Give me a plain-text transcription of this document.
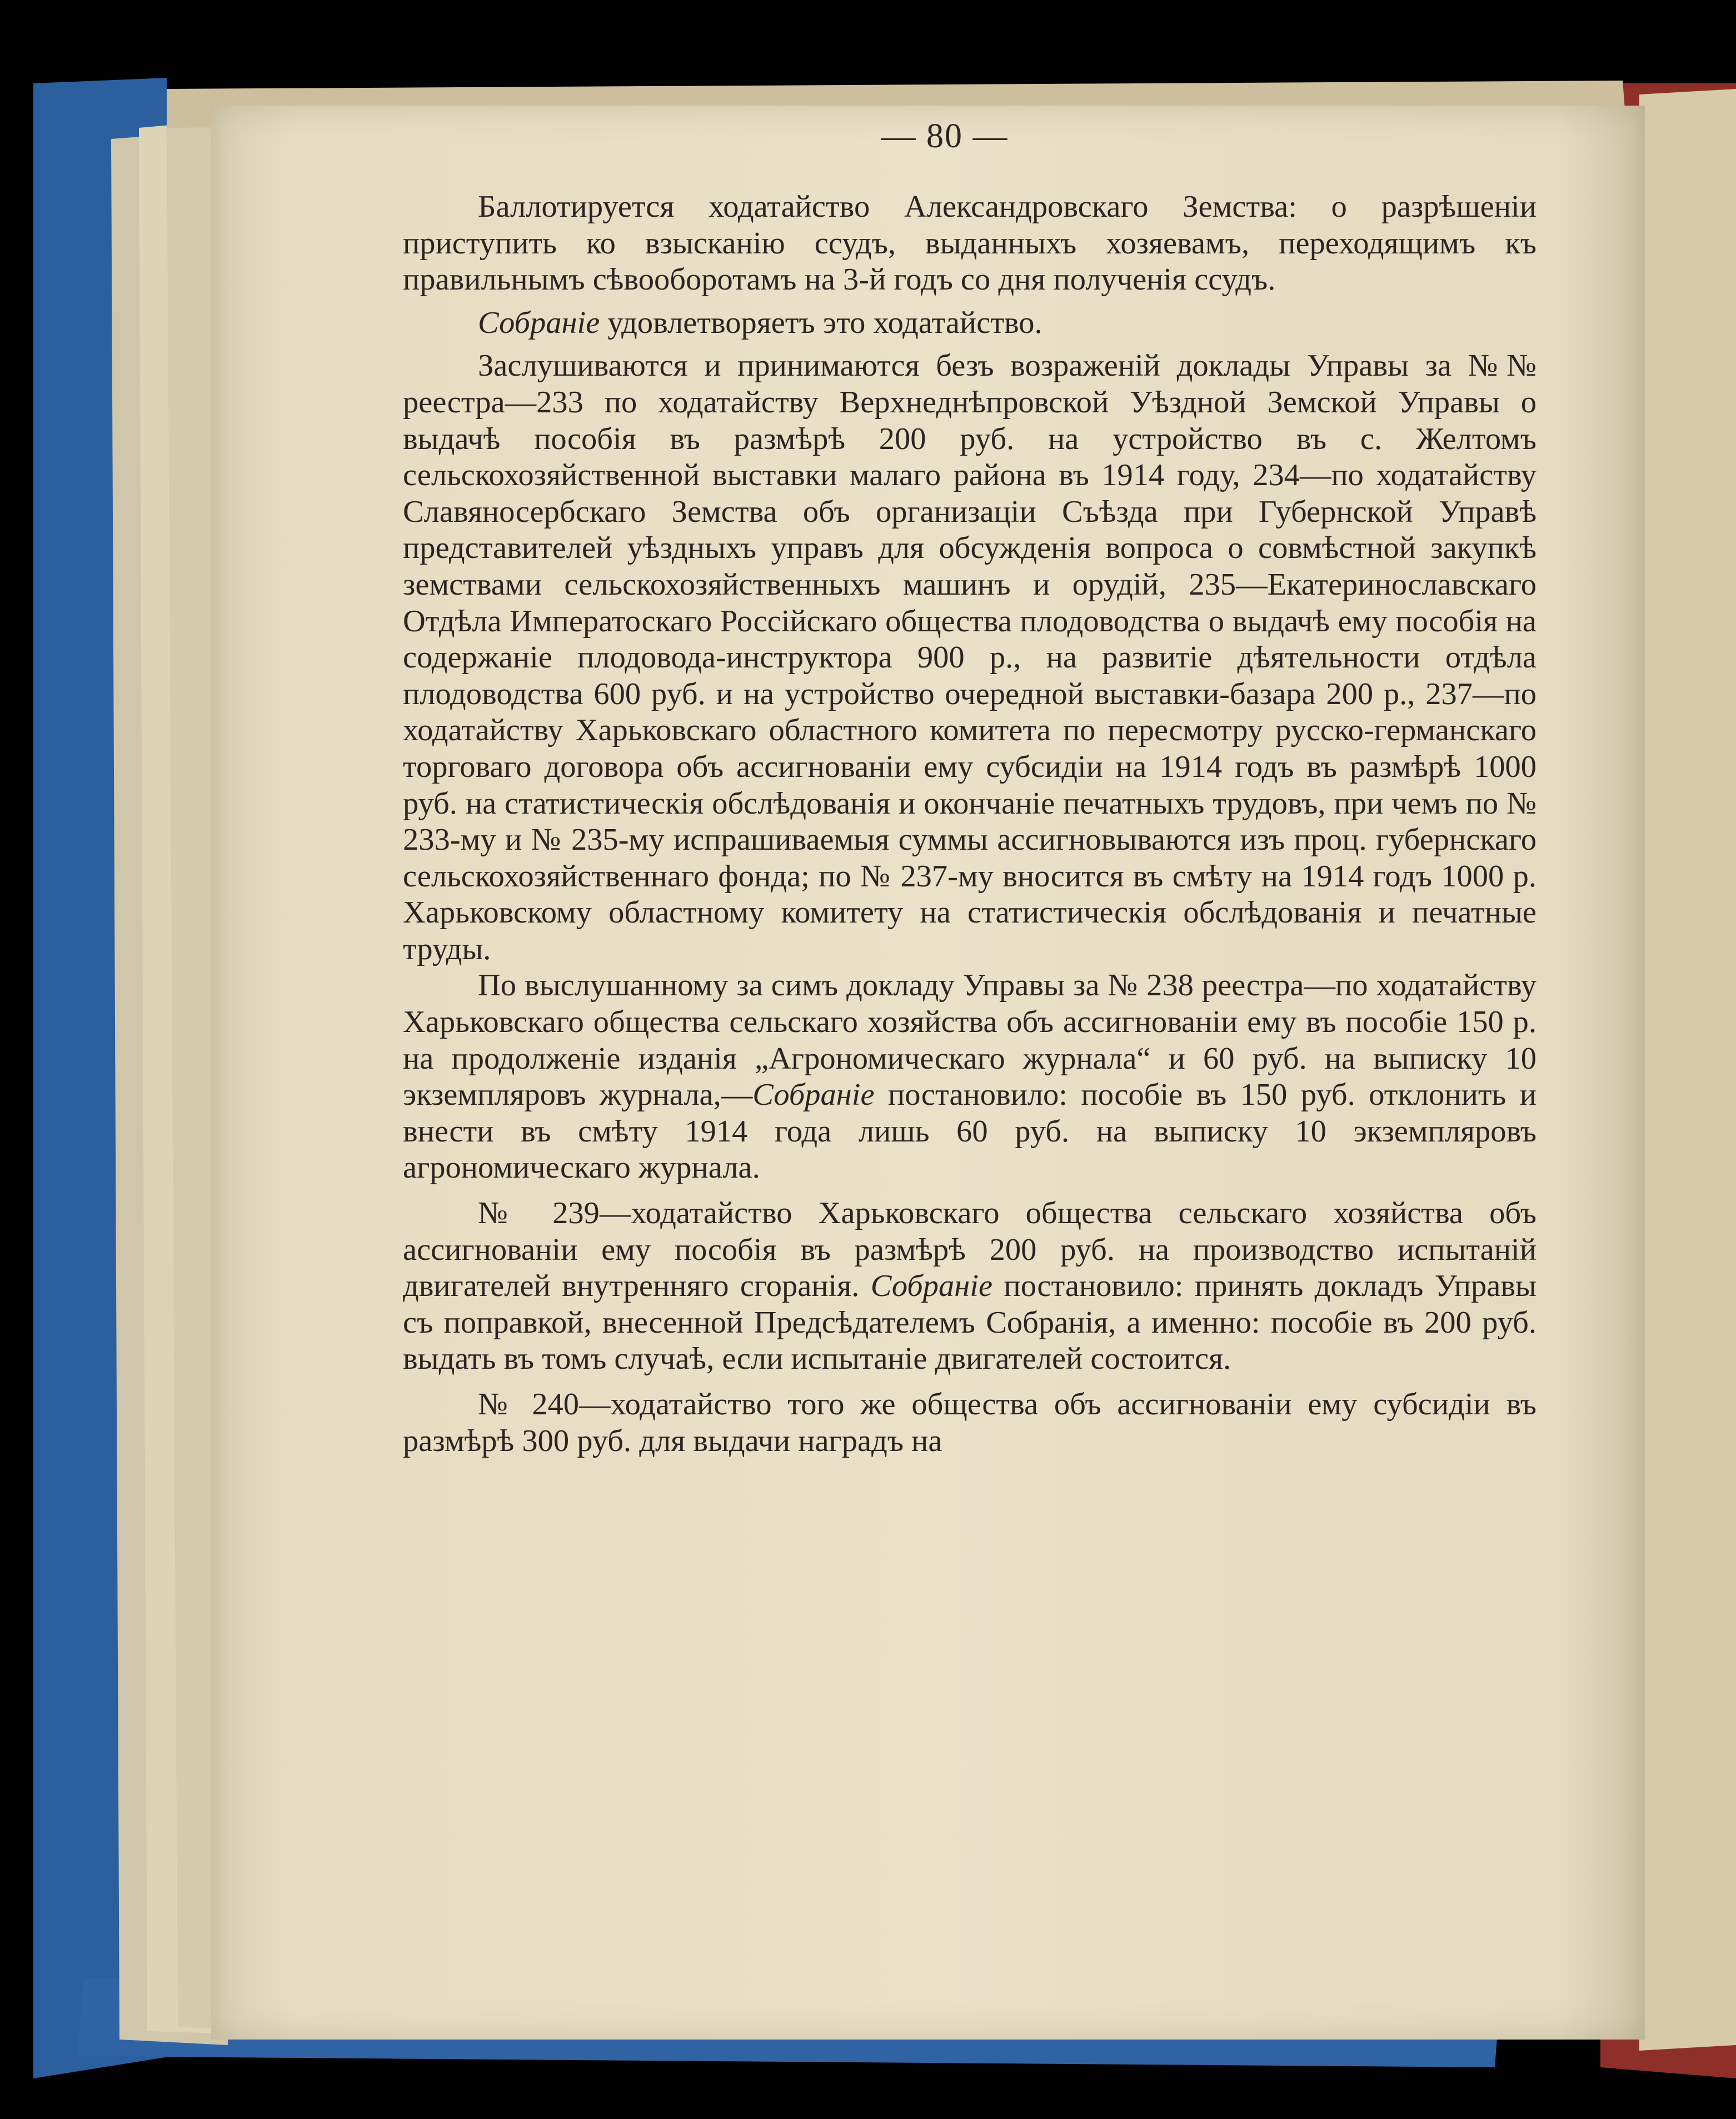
— 80 —

Баллотируется ходатайство Александровскаго Земства: о разрѣшеніи приступить ко взысканію ссудъ, выданныхъ хозяевамъ, переходящимъ къ правильнымъ сѣвооборотамъ на 3-й годъ со дня полученія ссудъ.

Собраніе удовлетворяетъ это ходатайство.

Заслушиваются и принимаются безъ возраженій доклады Управы за №№ реестра—233 по ходатайству Верхнеднѣпровской Уѣздной Земской Управы о выдачѣ пособія въ размѣрѣ 200 руб. на устройство въ с. Желтомъ сельскохозяйственной выставки малаго района въ 1914 году, 234—по ходатайству Славяносербскаго Земства объ организаціи Съѣзда при Губернской Управѣ представителей уѣздныхъ управъ для обсужденія вопроса о совмѣстной закупкѣ земствами сельскохозяйственныхъ машинъ и орудій, 235—Екатеринославскаго Отдѣла Императоскаго Россійскаго общества плодоводства о выдачѣ ему пособія на содержаніе плодовода-инструктора 900 р., на развитіе дѣятельности отдѣла плодоводства 600 руб. и на устройство очередной выставки-базара 200 р., 237—по ходатайству Харьковскаго областного комитета по пересмотру русско-германскаго торговаго договора объ ассигнованіи ему субсидіи на 1914 годъ въ размѣрѣ 1000 руб. на статистическія обслѣдованія и окончаніе печатныхъ трудовъ, при чемъ по № 233-му и № 235-му испрашиваемыя суммы ассигновываются изъ проц. губернскаго сельскохозяйственнаго фонда; по № 237-му вносится въ смѣту на 1914 годъ 1000 р. Харьковскому областному комитету на статистическія обслѣдованія и печатные труды.

По выслушанному за симъ докладу Управы за № 238 реестра—по ходатайству Харьковскаго общества сельскаго хозяйства объ ассигнованіи ему въ пособіе 150 р. на продолженіе изданія „Агрономическаго журнала“ и 60 руб. на выписку 10 экземпляровъ журнала,—Собраніе постановило: пособіе въ 150 руб. отклонить и внести въ смѣту 1914 года лишь 60 руб. на выписку 10 экземпляровъ агрономическаго журнала.

№ 239—ходатайство Харьковскаго общества сельскаго хозяйства объ ассигнованіи ему пособія въ размѣрѣ 200 руб. на производство испытаній двигателей внутренняго сгоранія. Собраніе постановило: принять докладъ Управы съ поправкой, внесенной Предсѣдателемъ Собранія, а именно: пособіе въ 200 руб. выдать въ томъ случаѣ, если испытаніе двигателей состоится.

№ 240—ходатайство того же общества объ ассигнованіи ему субсидіи въ размѣрѣ 300 руб. для выдачи наградъ на
